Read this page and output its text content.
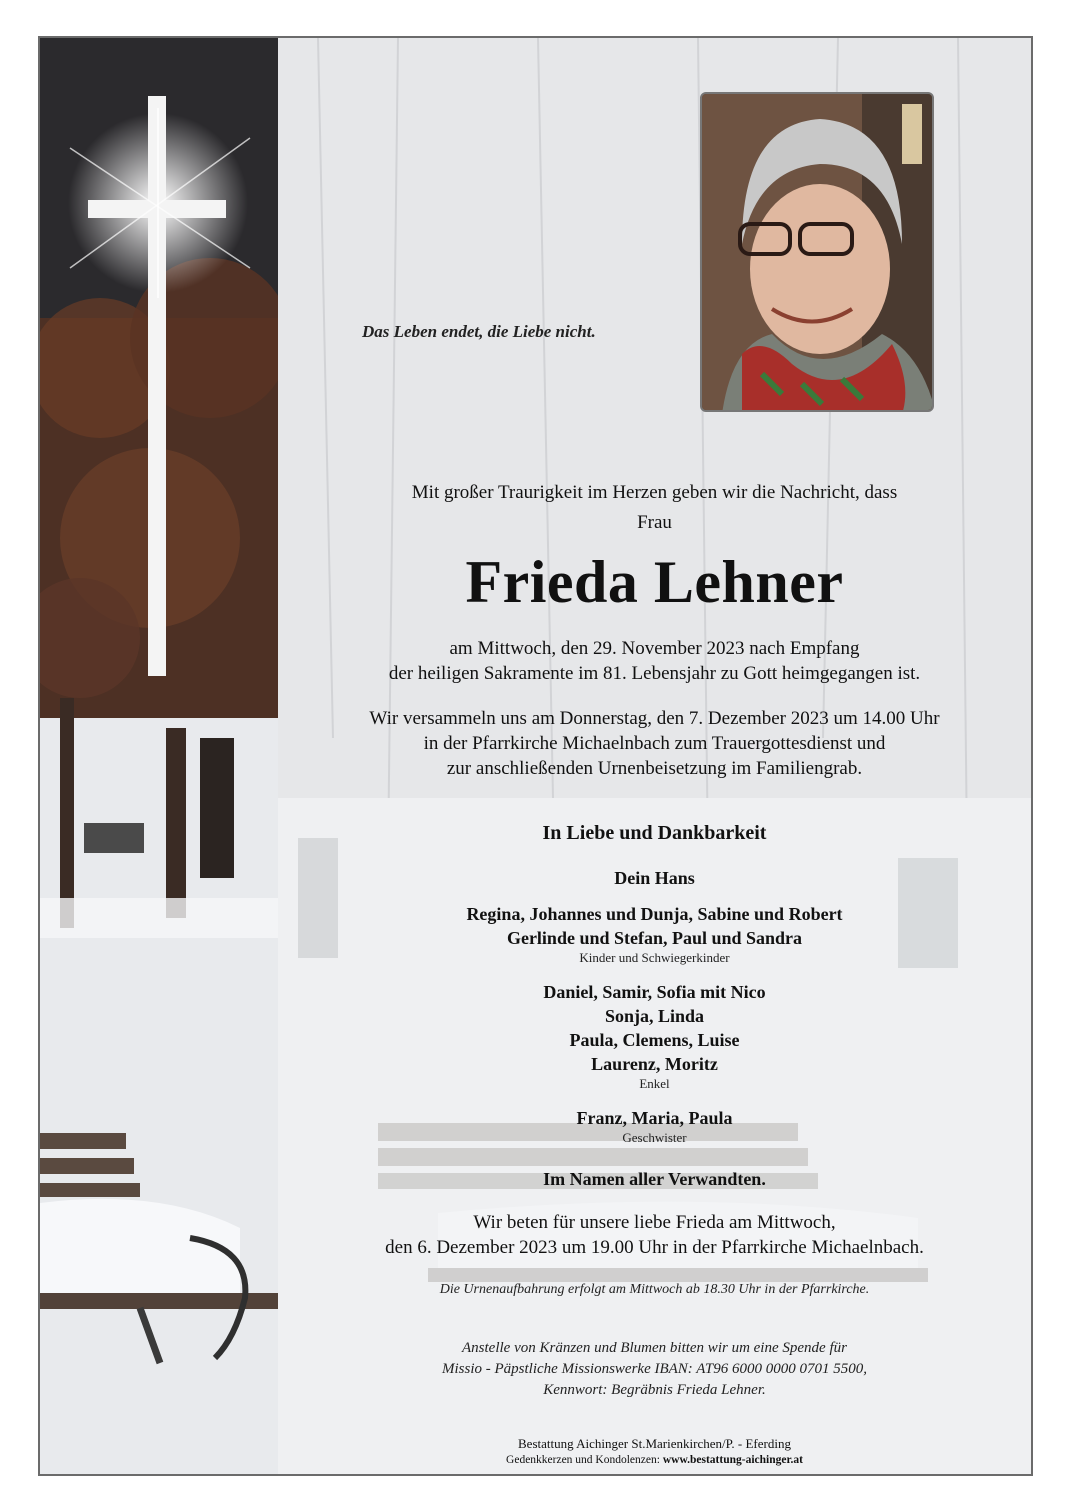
Das Leben endet, die Liebe nicht.
Mit großer Traurigkeit im Herzen geben wir die Nachricht, dass
Frau
Frieda Lehner
am Mittwoch, den 29. November 2023 nach Empfang
der heiligen Sakramente im 81. Lebensjahr zu Gott heimgegangen ist.
Wir versammeln uns am Donnerstag, den 7. Dezember 2023 um 14.00 Uhr
in der Pfarrkirche Michaelnbach zum Trauergottesdienst und
zur anschließenden Urnenbeisetzung im Familiengrab.
In Liebe und Dankbarkeit
Dein Hans
Regina, Johannes und Dunja, Sabine und Robert
Gerlinde und Stefan, Paul und Sandra
Kinder und Schwiegerkinder
Daniel, Samir, Sofia mit Nico
Sonja, Linda
Paula, Clemens, Luise
Laurenz, Moritz
Enkel
Franz, Maria, Paula
Geschwister
Im Namen aller Verwandten.
Wir beten für unsere liebe Frieda am Mittwoch,
den 6. Dezember 2023 um 19.00 Uhr in der Pfarrkirche Michaelnbach.
Die Urnenaufbahrung erfolgt am Mittwoch ab 18.30 Uhr in der Pfarrkirche.
Anstelle von Kränzen und Blumen bitten wir um eine Spende für
Missio - Päpstliche Missionswerke IBAN: AT96 6000 0000 0701 5500,
Kennwort: Begräbnis Frieda Lehner.
Bestattung Aichinger St.Marienkirchen/P. - Eferding
Gedenkkerzen und Kondolenzen: www.bestattung-aichinger.at
